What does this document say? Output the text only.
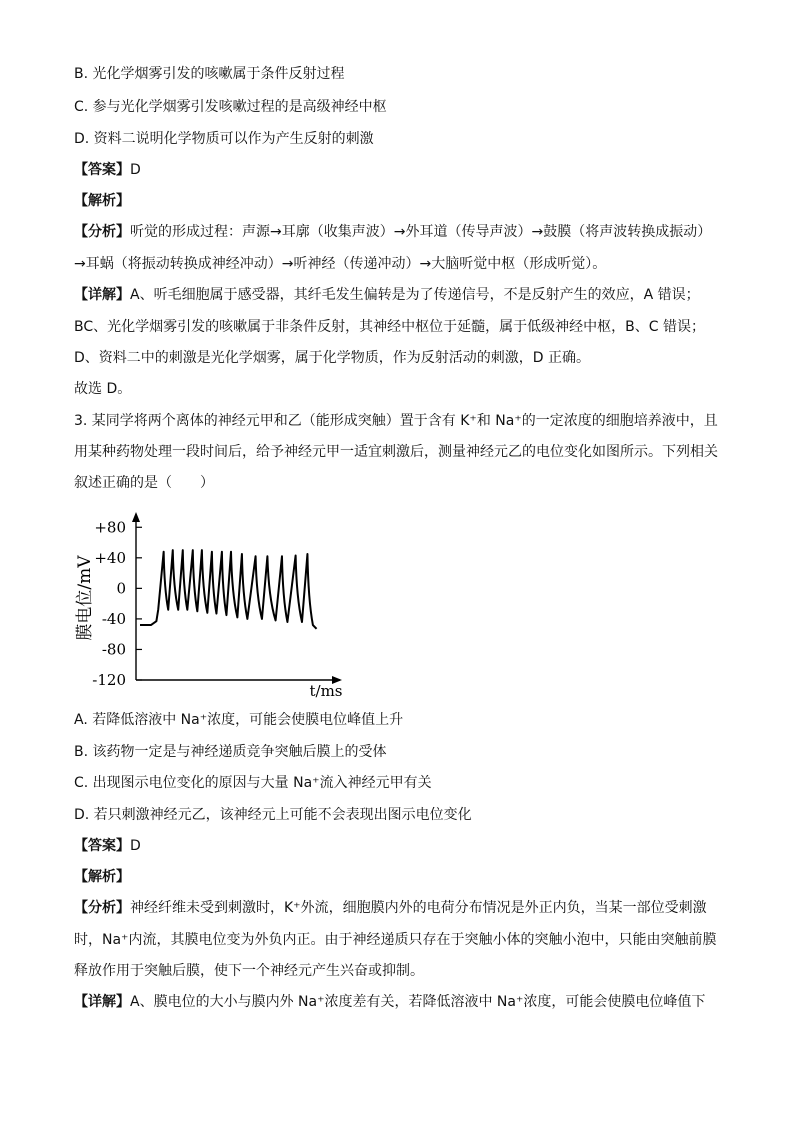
B. 光化学烟雾引发的咳嗽属于条件反射过程
C. 参与光化学烟雾引发咳嗽过程的是高级神经中枢
D. 资料二说明化学物质可以作为产生反射的刺激
【答案】D
【解析】
【分析】听觉的形成过程：声源→耳廓（收集声波）→外耳道（传导声波）→鼓膜（将声波转换成振动）
→耳蜗（将振动转换成神经冲动）→听神经（传递冲动）→大脑听觉中枢（形成听觉）。
【详解】A、听毛细胞属于感受器，其纤毛发生偏转是为了传递信号，不是反射产生的效应，A 错误；
BC、光化学烟雾引发的咳嗽属于非条件反射，其神经中枢位于延髓，属于低级神经中枢，B、C 错误；
D、资料二中的刺激是光化学烟雾，属于化学物质，作为反射活动的刺激，D 正确。
故选 D。
3. 某同学将两个离体的神经元甲和乙（能形成突触）置于含有 K⁺和 Na⁺的一定浓度的细胞培养液中，且
用某种药物处理一段时间后，给予神经元甲一适宜刺激后，测量神经元乙的电位变化如图所示。下列相关
叙述正确的是（　　）
+80
+40
0
-40
-80
-120
膜电位/mV
t/ms
A. 若降低溶液中 Na⁺浓度，可能会使膜电位峰值上升
B. 该药物一定是与神经递质竞争突触后膜上的受体
C. 出现图示电位变化的原因与大量 Na⁺流入神经元甲有关
D. 若只刺激神经元乙，该神经元上可能不会表现出图示电位变化
【答案】D
【解析】
【分析】神经纤维未受到刺激时，K⁺外流，细胞膜内外的电荷分布情况是外正内负，当某一部位受刺激
时，Na⁺内流，其膜电位变为外负内正。由于神经递质只存在于突触小体的突触小泡中，只能由突触前膜
释放作用于突触后膜，使下一个神经元产生兴奋或抑制。
【详解】A、膜电位的大小与膜内外 Na⁺浓度差有关，若降低溶液中 Na⁺浓度，可能会使膜电位峰值下
